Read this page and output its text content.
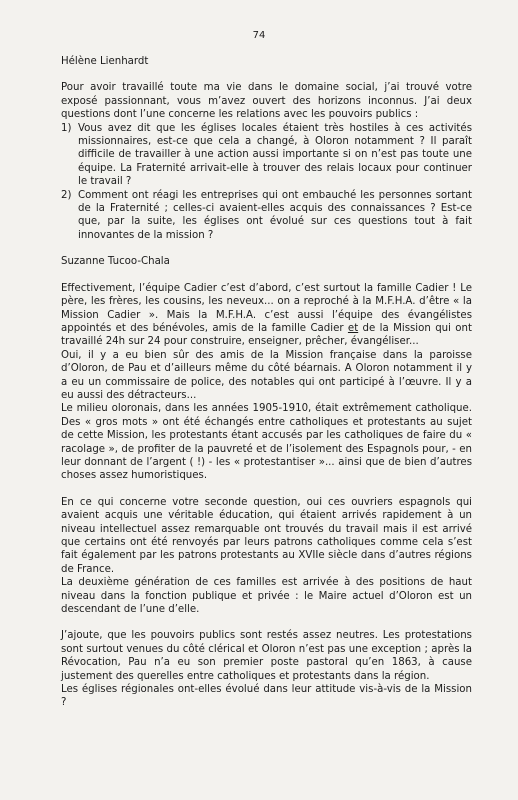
74

Hélène Lienhardt

Pour avoir travaillé toute ma vie dans le domaine social, j’ai trouvé votre exposé passionnant, vous m’avez ouvert des horizons inconnus. J’ai deux questions dont l’une concerne les relations avec les pouvoirs publics :

1) Vous avez dit que les églises locales étaient très hostiles à ces activités missionnaires, est-ce que cela a changé, à Oloron notamment ? Il paraît difficile de travailler à une action aussi importante si on n’est pas toute une équipe. La Fraternité arrivait-elle à trouver des relais locaux pour continuer le travail ?
2) Comment ont réagi les entreprises qui ont embauché les personnes sortant de la Fraternité ; celles-ci avaient-elles acquis des connaissances ? Est-ce que, par la suite, les églises ont évolué sur ces questions tout à fait innovantes de la mission ?

Suzanne Tucoo-Chala

Effectivement, l’équipe Cadier c’est d’abord, c’est surtout la famille Cadier ! Le père, les frères, les cousins, les neveux... on a reproché à la M.F.H.A. d’être « la Mission Cadier ». Mais la M.F.H.A. c’est aussi l’équipe des évangélistes appointés et des bénévoles, amis de la famille Cadier et de la Mission qui ont travaillé 24h sur 24 pour construire, enseigner, prêcher, évangéliser...

Oui, il y a eu bien sûr des amis de la Mission française dans la paroisse d’Oloron, de Pau et d’ailleurs même du côté béarnais. A Oloron notamment il y a eu un commissaire de police, des notables qui ont participé à l’œuvre. Il y a eu aussi des détracteurs...

Le milieu oloronais, dans les années 1905-1910, était extrêmement catholique. Des « gros mots » ont été échangés entre catholiques et protestants au sujet de cette Mission, les protestants étant accusés par les catholiques de faire du « racolage », de profiter de la pauvreté et de l’isolement des Espagnols pour, - en leur donnant de l’argent ( !) - les « protestantiser »... ainsi que de bien d’autres choses assez humoristiques.

En ce qui concerne votre seconde question, oui ces ouvriers espagnols qui avaient acquis une véritable éducation, qui étaient arrivés rapidement à un niveau intellectuel assez remarquable ont trouvés du travail mais il est arrivé que certains ont été renvoyés par leurs patrons catholiques comme cela s’est fait également par les patrons protestants au XVIIe siècle dans d’autres régions de France.

La deuxième génération de ces familles est arrivée à des positions de haut niveau dans la fonction publique et privée : le Maire actuel d’Oloron est un descendant de l’une d’elle.

J’ajoute, que les pouvoirs publics sont restés assez neutres. Les protestations sont surtout venues du côté clérical et Oloron n’est pas une exception ; après la Révocation, Pau n’a eu son premier poste pastoral qu’en 1863, à cause justement des querelles entre catholiques et protestants dans la région.

Les églises régionales ont-elles évolué dans leur attitude vis-à-vis de la Mission ?
